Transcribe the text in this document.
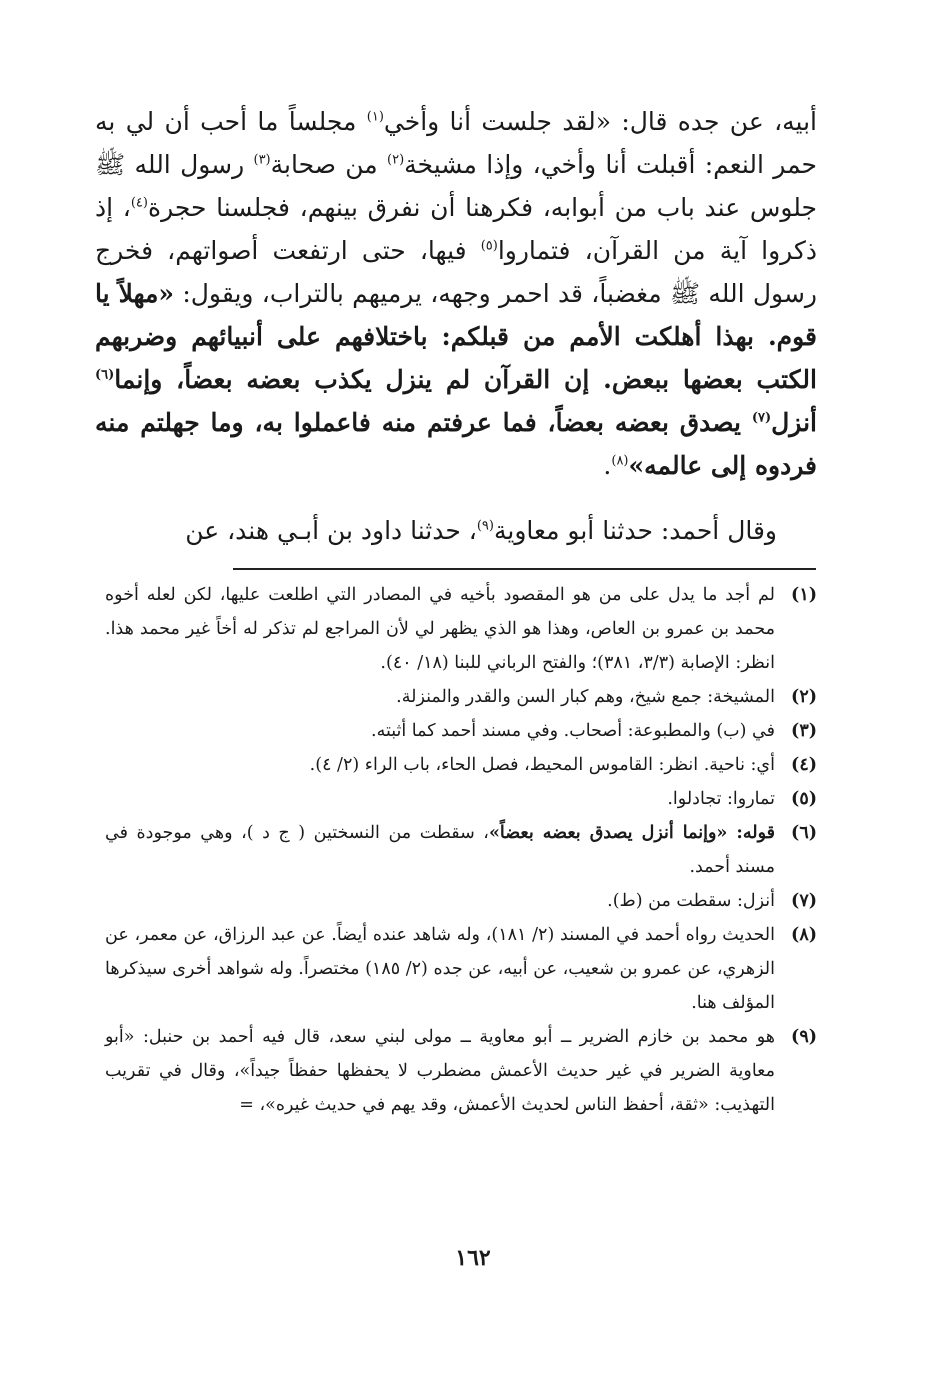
أبيه، عن جده قال: «لقد جلست أنا وأخي$^{(١)}$ مجلساً ما أحب أن لي به حمر النعم: أقبلت أنا وأخي، وإذا مشيخة$^{(٢)}$ من صحابة$^{(٣)}$ رسول الله ﷺ جلوس عند باب من أبوابه، فكرهنا أن نفرق بينهم، فجلسنا حجرة$^{(٤)}$، إذ ذكروا آية من القرآن، فتماروا$^{(٥)}$ فيها، حتى ارتفعت أصواتهم، فخرج رسول الله ﷺ مغضباً، قد احمر وجهه، يرميهم بالتراب، ويقول: «مهلاً يا قوم. بهذا أهلكت الأمم من قبلكم: باختلافهم على أنبيائهم وضربهم الكتب بعضها ببعض. إن القرآن لم ينزل يكذب بعضه بعضاً، وإنما$^{(٦)}$ أنزل$^{(٧)}$ يصدق بعضه بعضاً، فما عرفتم منه فاعملوا به، وما جهلتم منه فردوه إلى عالمه»$^{(٨)}$.

وقال أحمد: حدثنا أبو معاوية$^{(٩)}$، حدثنا داود بن أبـي هند، عن

(١)
لم أجد ما يدل على من هو المقصود بأخيه في المصادر التي اطلعت عليها، لكن لعله أخوه محمد بن عمرو بن العاص، وهذا هو الذي يظهر لي لأن المراجع لم تذكر له أخاً غير محمد هذا. انظر: الإصابة (٣/٣، ٣٨١)؛ والفتح الرباني للبنا (١٨/ ٤٠).
(٢)
المشيخة: جمع شيخ، وهم كبار السن والقدر والمنزلة.
(٣)
في (ب) والمطبوعة: أصحاب. وفي مسند أحمد كما أثبته.
(٤)
أي: ناحية. انظر: القاموس المحيط، فصل الحاء، باب الراء (٢/ ٤).
(٥)
تماروا: تجادلوا.
(٦)
قوله: «وإنما أنزل يصدق بعضه بعضاً»، سقطت من النسختين ( ج د )، وهي موجودة في مسند أحمد.
(٧)
أنزل: سقطت من (ط).
(٨)
الحديث رواه أحمد في المسند (٢/ ١٨١)، وله شاهد عنده أيضاً. عن عبد الرزاق، عن معمر، عن الزهري، عن عمرو بن شعيب، عن أبيه، عن جده (٢/ ١٨٥) مختصراً. وله شواهد أخرى سيذكرها المؤلف هنا.
(٩)
هو محمد بن خازم الضرير ــ أبو معاوية ــ مولى لبني سعد، قال فيه أحمد بن حنبل: «أبو معاوية الضرير في غير حديث الأعمش مضطرب لا يحفظها حفظاً جيداً»، وقال في تقريب التهذيب: «ثقة، أحفظ الناس لحديث الأعمش، وقد يهم في حديث غيره»، =
١٦٢
